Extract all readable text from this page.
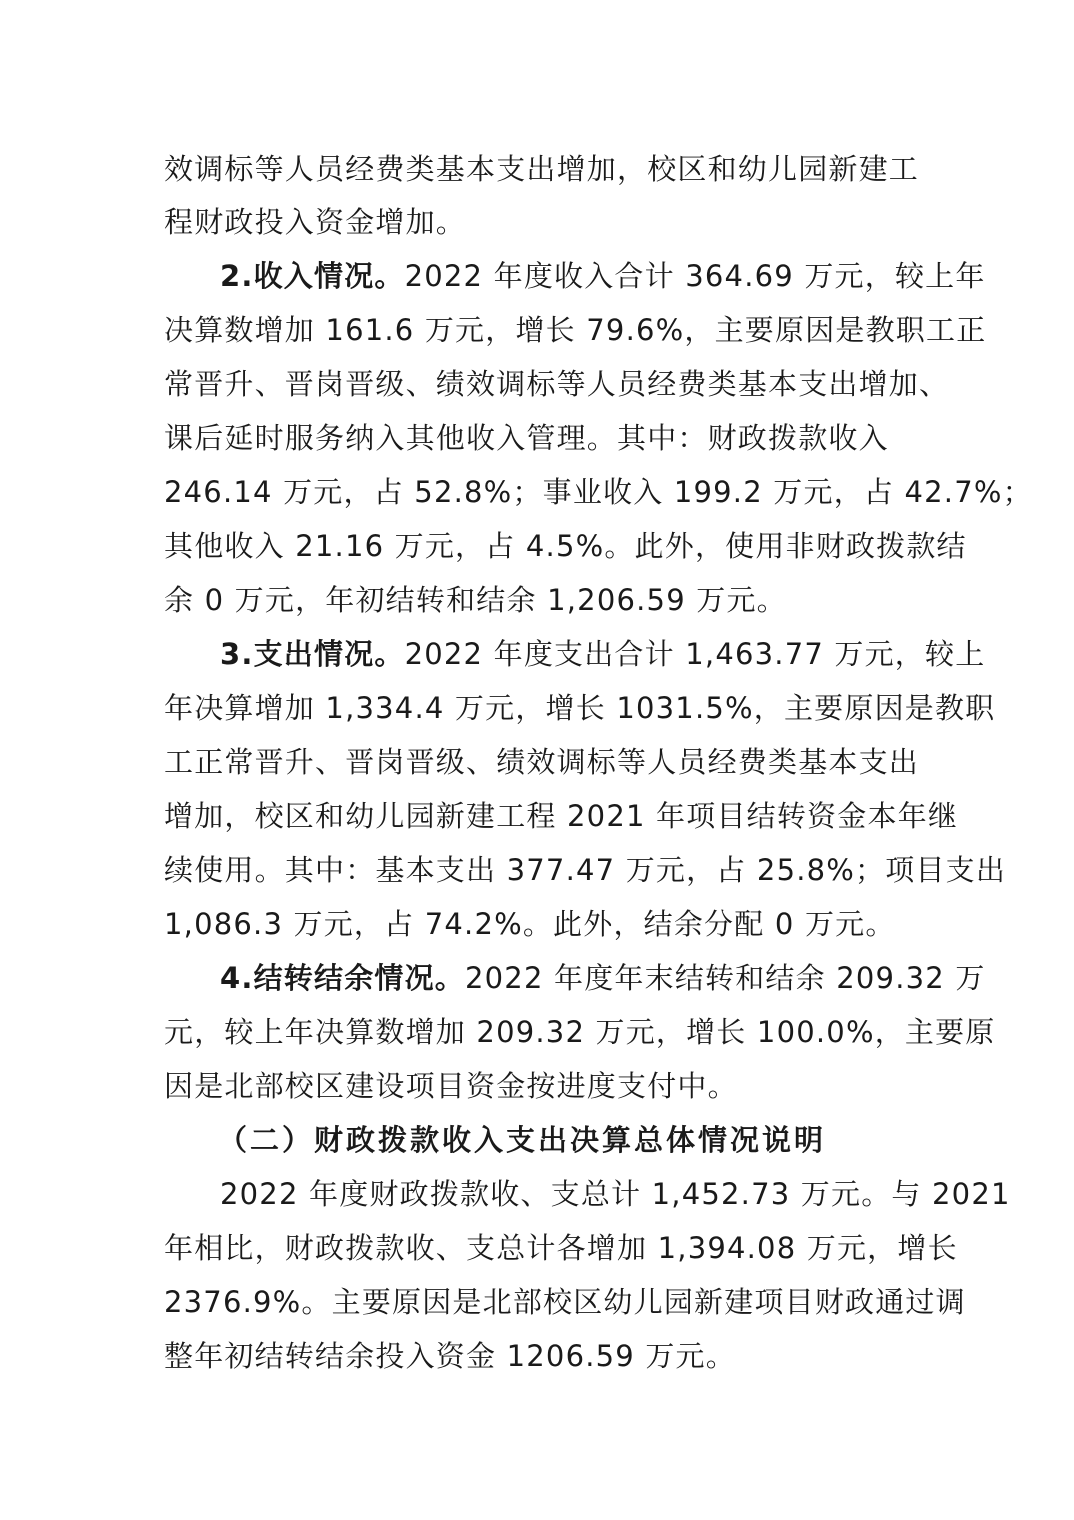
效调标等人员经费类基本支出增加，校区和幼儿园新建工
程财政投入资金增加。
2.收入情况。2022 年度收入合计 364.69 万元，较上年
决算数增加 161.6 万元，增长 79.6%，主要原因是教职工正
常晋升、晋岗晋级、绩效调标等人员经费类基本支出增加、
课后延时服务纳入其他收入管理。其中：财政拨款收入
246.14 万元，占 52.8%；事业收入 199.2 万元，占 42.7%；
其他收入 21.16 万元，占 4.5%。此外，使用非财政拨款结
余 0 万元，年初结转和结余 1,206.59 万元。
3.支出情况。2022 年度支出合计 1,463.77 万元，较上
年决算增加 1,334.4 万元，增长 1031.5%，主要原因是教职
工正常晋升、晋岗晋级、绩效调标等人员经费类基本支出
增加，校区和幼儿园新建工程 2021 年项目结转资金本年继
续使用。其中：基本支出 377.47 万元，占 25.8%；项目支出
1,086.3 万元，占 74.2%。此外，结余分配 0 万元。
4.结转结余情况。2022 年度年末结转和结余 209.32 万
元，较上年决算数增加 209.32 万元，增长 100.0%，主要原
因是北部校区建设项目资金按进度支付中。
（二）财政拨款收入支出决算总体情况说明
2022 年度财政拨款收、支总计 1,452.73 万元。与 2021
年相比，财政拨款收、支总计各增加 1,394.08 万元，增长
2376.9%。主要原因是北部校区幼儿园新建项目财政通过调
整年初结转结余投入资金 1206.59 万元。
